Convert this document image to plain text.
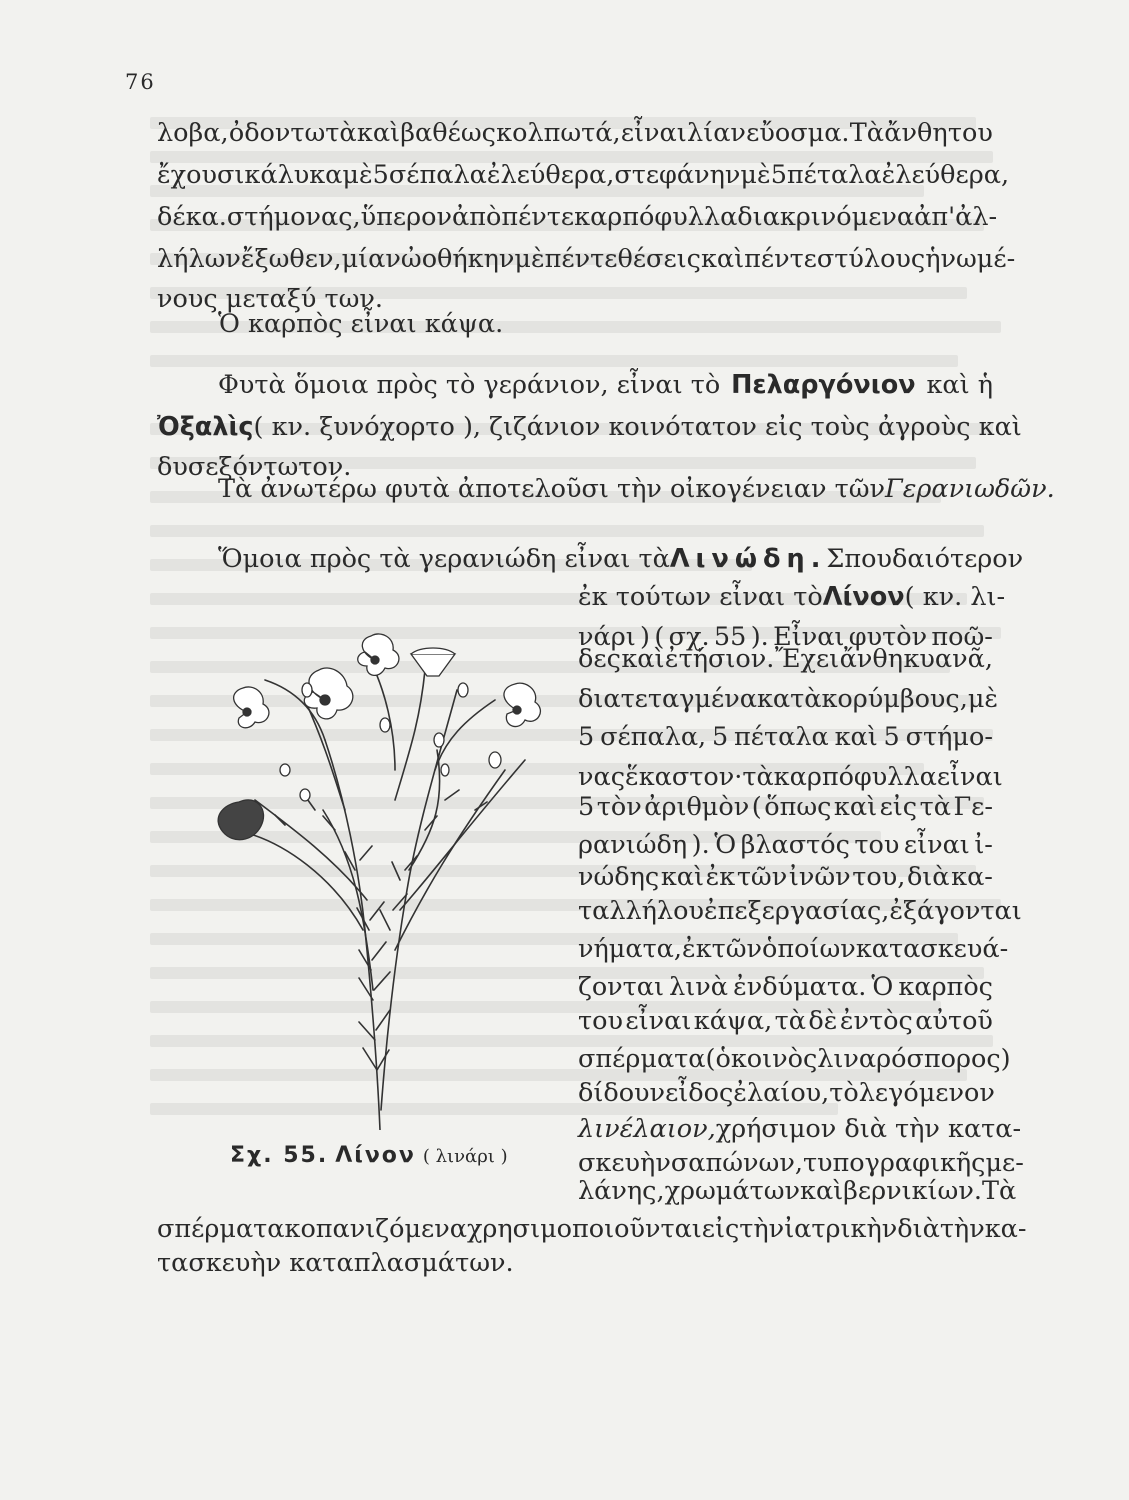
76
λοβα, ὀδοντωτὰ καὶ βαθέως κολπωτά, εἶναι λίαν εὔοσμα. Τὰ ἄνθη του
ἔχουσι κάλυκα μὲ 5 σέπαλα ἐλεύθερα, στεφάνην μὲ 5 πέταλα ἐλεύθερα,
δέκα. στήμονας, ὕπερον ἀπὸ πέντε καρπόφυλλα διακρινόμενα ἀπ' ἀλ-
λήλων ἔξωθεν, μίαν ὠοθήκην μὲ πέντε θέσεις καὶ πέντε στύλους ἡνωμέ-
νους μεταξύ των.
Ὁ καρπὸς εἶναι κάψα.
Φυτὰ ὅμοια πρὸς τὸ γεράνιον, εἶναι τὸ Πελαργόνιον καὶ ἡ
Ὀξαλὶς ( κν. ξυνόχορτο ), ζιζάνιον κοινότατον εἰς τοὺς ἀγροὺς καὶ
δυσεξόντωτον.
Τὰ ἀνωτέρω φυτὰ ἀποτελοῦσι τὴν οἰκογένειαν τῶν Γερανιωδῶν.
Ὅμοια πρὸς τὰ γερανιώδη εἶναι τὰ Λινώδη. Σπουδαιότερον
ἐκ τούτων εἶναι τὸ Λίνον ( κν. λι-
νάρι ) ( σχ. 55 ). Εἶναι φυτὸν ποῶ-
δες καὶ ἐτήσιον. Ἔχει ἄνθη κυανᾶ,
διατεταγμένα κατὰ κορύμβους, μὲ
5 σέπαλα, 5 πέταλα καὶ 5 στήμο-
νας ἕκαστον· τὰ καρπόφυλλα εἶναι
5 τὸν ἀριθμὸν ( ὅπως καὶ εἰς τὰ Γε-
ρανιώδη ). Ὁ βλαστός του εἶναι ἰ-
νώδης καὶ ἐκ τῶν ἰνῶν του, διὰ κα-
ταλλήλου ἐπεξεργασίας, ἐξάγονται
νήματα, ἐκ τῶν ὁποίων κατασκευά-
ζονται λινὰ ἐνδύματα. Ὁ καρπὸς
του εἶναι κάψα, τὰ δὲ ἐντὸς αὐτοῦ
σπέρματα ( ὁ κοινὸς λιναρόσπορος )
δίδουν εἶδος ἐλαίου, τὸ λεγόμενον
λινέλαιον, χρήσιμον διὰ τὴν κατα-
σκευὴν σαπώνων, τυπογραφικῆς με-
λάνης, χρωμάτων καὶ βερνικίων. Τὰ
σπέρματα κοπανιζόμενα χρησιμοποιοῦνται εἰς τὴν ἰατρικὴν διὰ τὴν κα-
τασκευὴν καταπλασμάτων.
Σχ. 55. Λίνον ( λινάρι )
